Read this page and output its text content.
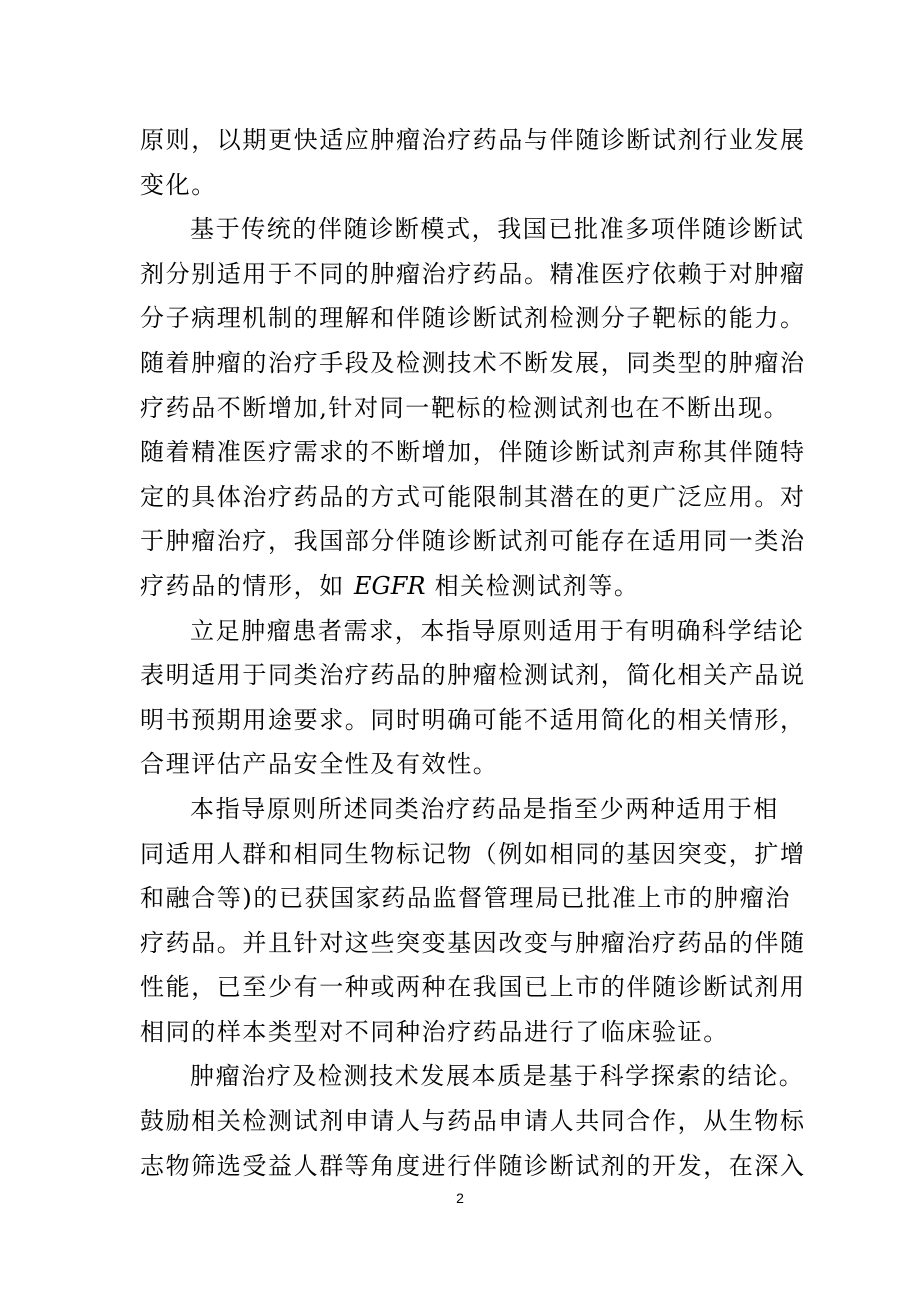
原则，以期更快适应肿瘤治疗药品与伴随诊断试剂行业发展
变化。

基于传统的伴随诊断模式，我国已批准多项伴随诊断试
剂分别适用于不同的肿瘤治疗药品。精准医疗依赖于对肿瘤
分子病理机制的理解和伴随诊断试剂检测分子靶标的能力。
随着肿瘤的治疗手段及检测技术不断发展，同类型的肿瘤治
疗药品不断增加,针对同一靶标的检测试剂也在不断出现。
随着精准医疗需求的不断增加，伴随诊断试剂声称其伴随特
定的具体治疗药品的方式可能限制其潜在的更广泛应用。对
于肿瘤治疗，我国部分伴随诊断试剂可能存在适用同一类治
疗药品的情形，如 EGFR 相关检测试剂等。

立足肿瘤患者需求，本指导原则适用于有明确科学结论
表明适用于同类治疗药品的肿瘤检测试剂，简化相关产品说
明书预期用途要求。同时明确可能不适用简化的相关情形，
合理评估产品安全性及有效性。

本指导原则所述同类治疗药品是指至少两种适用于相
同适用人群和相同生物标记物（例如相同的基因突变，扩增
和融合等)的已获国家药品监督管理局已批准上市的肿瘤治
疗药品。并且针对这些突变基因改变与肿瘤治疗药品的伴随
性能，已至少有一种或两种在我国已上市的伴随诊断试剂用
相同的样本类型对不同种治疗药品进行了临床验证。

肿瘤治疗及检测技术发展本质是基于科学探索的结论。
鼓励相关检测试剂申请人与药品申请人共同合作，从生物标
志物筛选受益人群等角度进行伴随诊断试剂的开发，在深入

2
